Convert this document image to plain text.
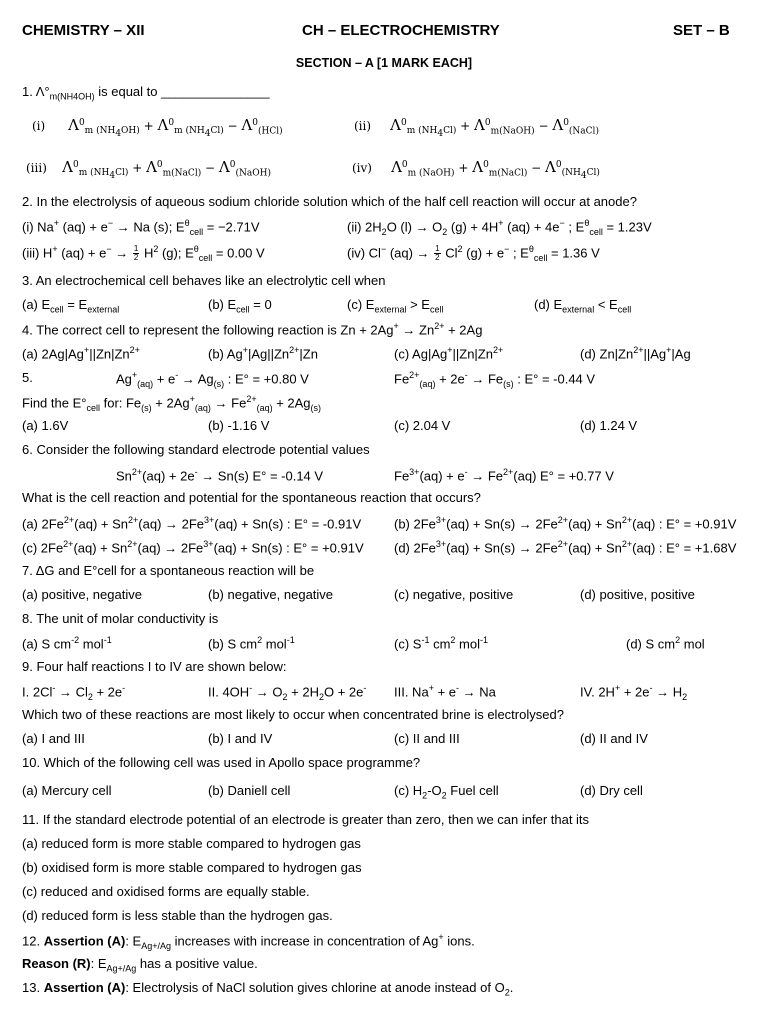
CHEMISTRY – XII	CH – ELECTROCHEMISTRY	SET – B
SECTION – A [1 MARK EACH]
1. $\Lambda^\circ_{m(NH4OH)}$ is equal to _______________
(i)      $\Lambda^0_{m (NH_4OH)} + \Lambda^0_{m (NH_4Cl)} - \Lambda^0_{(HCl)}$	(ii)     $\Lambda^0_{m (NH_4Cl)} + \Lambda^0_{m(NaOH)} - \Lambda^0_{(NaCl)}$
(iii)    $\Lambda^0_{m (NH_4Cl)} + \Lambda^0_{m(NaCl)} - \Lambda^0_{(NaOH)}$	(iv)     $\Lambda^0_{m (NaOH)} + \Lambda^0_{m(NaCl)} - \Lambda^0_{(NH_4Cl)}$
2. In the electrolysis of aqueous sodium chloride solution which of the half cell reaction will occur at anode?
(i) Na+ (aq) + e− → Na (s); $E^\theta_{cell} = -2.71V$	(ii) $2H_2O$ $(l) \to O_2$ (g) + 4H+ (aq) + 4e− ; $E^\theta_{cell} = 1.23V$
(iii) H+ $(aq) + e^- \to \frac{1}{2} H^2$ (g); $E^\theta_{cell} = 0.00$ V	(iv) Cl− $(aq) \to \frac{1}{2} Cl^2$ (g) + e− ; $E^\theta_{cell} = 1.36$ V
3. An electrochemical cell behaves like an electrolytic cell when
(a) $E_{cell} = E_{external}$	(b) $E_{cell} = 0$	(c) $E_{external} > E_{cell}$	(d) $E_{external} < E_{cell}$
4. The correct cell to represent the following reaction is $Zn + 2Ag^+ \to Zn^{2+} + 2Ag$
(a) $2Ag|Ag^+||Zn|Zn^{2+}$	(b) $Ag^+|Ag||Zn^{2+}|Zn$	(c) $Ag|Ag^+||Zn|Zn^{2+}$	(d) $Zn|Zn^{2+}||Ag^+|Ag$
5.	$Ag^+_{(aq)} + e^- \to Ag_{(s)}$ : E° = +0.80 V	$Fe^{2+}_{(aq)} + 2e^- \to Fe_{(s)}$ : E° = -0.44 V
Find the $E^\circ_{cell}$ for: $Fe_{(s)} + 2Ag^+_{(aq)} \to Fe^{2+}_{(aq)} + 2Ag_{(s)}$
(a) 1.6V	(b) -1.16 V	(c) 2.04 V	(d) 1.24 V
6. Consider the following standard electrode potential values
$Sn^{2+}(aq) + 2e^- \to Sn(s) E^\circ = -0.14$ V	$Fe^{3+}(aq) + e^- \to Fe^{2+}(aq) E^\circ = +0.77$ V
What is the cell reaction and potential for the spontaneous reaction that occurs?
(a) $2Fe^{2+}(aq) + Sn^{2+}(aq) \to 2Fe^{3+}(aq) + Sn(s)$ : E° = -0.91V	(b) $2Fe^{3+}(aq) + Sn(s) \to 2Fe^{2+}(aq) + Sn^{2+}(aq)$ : E° = +0.91V
(c) $2Fe^{2+}(aq) + Sn^{2+}(aq) \to 2Fe^{3+}(aq) + Sn(s)$ : E° = +0.91V (d) $2Fe^{3+}(aq) + Sn(s) \to 2Fe^{2+}(aq) + Sn^{2+}(aq)$ : E° = +1.68V
7. ΔG and E°cell for a spontaneous reaction will be
(a) positive, negative	(b) negative, negative	(c) negative, positive	(d) positive, positive
8. The unit of molar conductivity is
(a) S $cm^{-2}$ mol$^{-1}$	(b) S $cm^2$ mol$^{-1}$	(c) $S^{-1}$ $cm^2$ mol$^{-1}$	(d) S $cm^2$ mol
9. Four half reactions I to IV are shown below:
I. $2Cl^- \to Cl_2 + 2e^-$	II. $4OH^- \to O_2 + 2H_2O + 2e^-$ III. Na+ + e- → Na	IV. $2H^+ + 2e^- \to H_2$
Which two of these reactions are most likely to occur when concentrated brine is electrolysed?
(a) I and III	(b) I and IV	(c) II and III	(d) II and IV
10. Which of the following cell was used in Apollo space programme?
(a) Mercury cell	(b) Daniell cell	(c) $H_2-O_2$ Fuel cell	(d) Dry cell
11. If the standard electrode potential of an electrode is greater than zero, then we can infer that its
(a) reduced form is more stable compared to hydrogen gas
(b) oxidised form is more stable compared to hydrogen gas
(c) reduced and oxidised forms are equally stable.
(d) reduced form is less stable than the hydrogen gas.
12. Assertion (A): $E_{Ag+/Ag}$ increases with increase in concentration of Ag+ ions.
Reason (R): $E_{Ag+/Ag}$ has a positive value.
13. Assertion (A): Electrolysis of NaCl solution gives chlorine at anode instead of $O_2$.
